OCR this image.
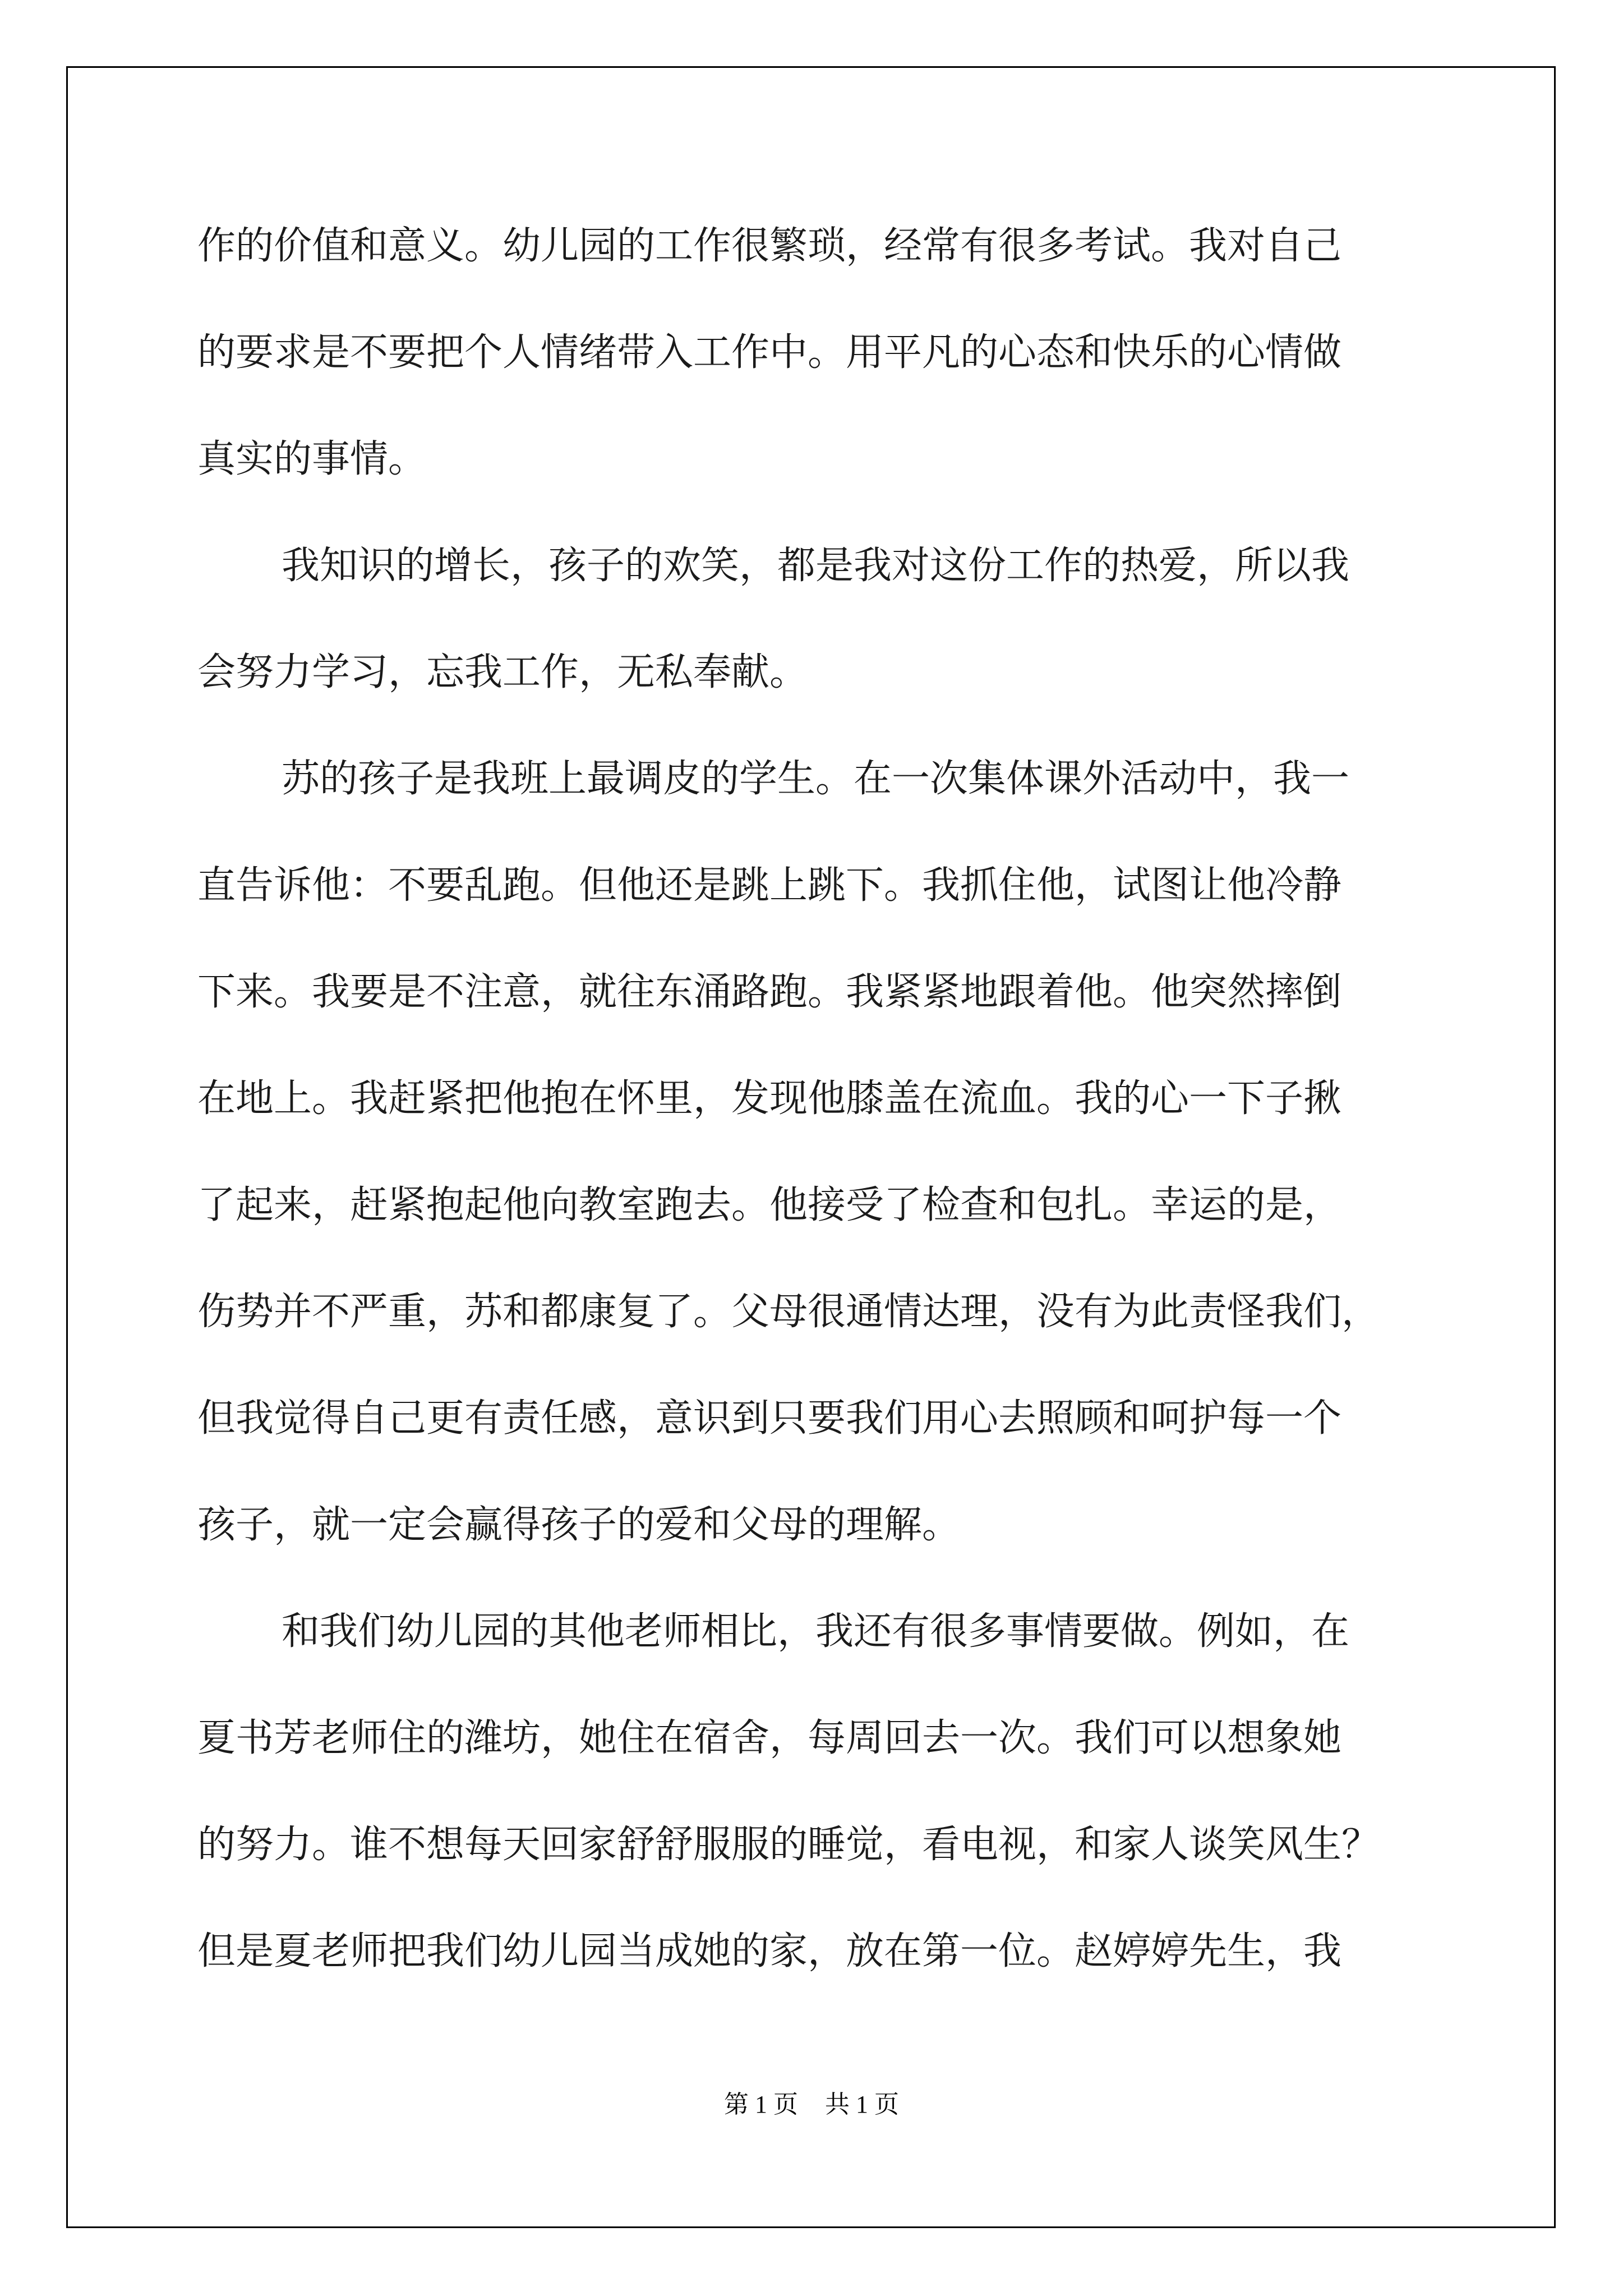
作的价值和意义。幼儿园的工作很繁琐，经常有很多考试。我对自己
的要求是不要把个人情绪带入工作中。用平凡的心态和快乐的心情做
真实的事情。
我知识的增长，孩子的欢笑，都是我对这份工作的热爱，所以我
会努力学习，忘我工作，无私奉献。
苏的孩子是我班上最调皮的学生。在一次集体课外活动中，我一
直告诉他：不要乱跑。但他还是跳上跳下。我抓住他，试图让他冷静
下来。我要是不注意，就往东涌路跑。我紧紧地跟着他。他突然摔倒
在地上。我赶紧把他抱在怀里，发现他膝盖在流血。我的心一下子揪
了起来，赶紧抱起他向教室跑去。他接受了检查和包扎。幸运的是，
伤势并不严重，苏和都康复了。父母很通情达理，没有为此责怪我们，
但我觉得自己更有责任感，意识到只要我们用心去照顾和呵护每一个
孩子，就一定会赢得孩子的爱和父母的理解。
和我们幼儿园的其他老师相比，我还有很多事情要做。例如，在
夏书芳老师住的潍坊，她住在宿舍，每周回去一次。我们可以想象她
的努力。谁不想每天回家舒舒服服的睡觉，看电视，和家人谈笑风生？
但是夏老师把我们幼儿园当成她的家，放在第一位。赵婷婷先生，我
第 1 页 共 1 页
